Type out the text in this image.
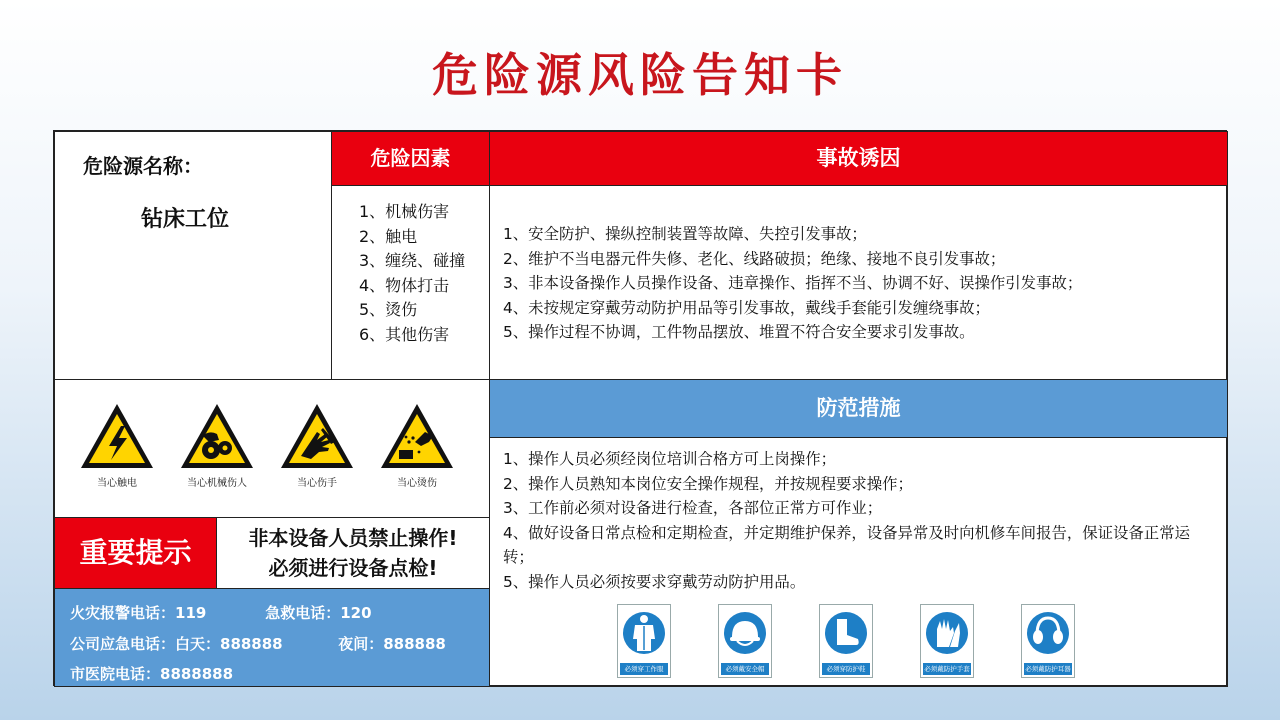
危险源风险告知卡
危险源名称：
钻床工位
危险因素
1、机械伤害
2、触电
3、缠绕、碰撞
4、物体打击
5、烫伤
6、其他伤害
事故诱因
1、安全防护、操纵控制装置等故障、失控引发事故；
2、维护不当电器元件失修、老化、线路破损；绝缘、接地不良引发事故；
3、非本设备操作人员操作设备、违章操作、指挥不当、协调不好、误操作引发事故；
4、未按规定穿戴劳动防护用品等引发事故，戴线手套能引发缠绕事故；
5、操作过程不协调，工件物品摆放、堆置不符合安全要求引发事故。
当心触电	当心机械伤人	当心伤手	当心烫伤
重要提示	非本设备人员禁止操作!
必须进行设备点检!
火灾报警电话：119	急救电话：120
公司应急电话：白天：888888	夜间：888888
市医院电话：8888888
防范措施
1、操作人员必须经岗位培训合格方可上岗操作；
2、操作人员熟知本岗位安全操作规程，并按规程要求操作；
3、工作前必须对设备进行检查，各部位正常方可作业；
4、做好设备日常点检和定期检查，并定期维护保养，设备异常及时向机修车间报告，保证设备正常运转；
5、操作人员必须按要求穿戴劳动防护用品。
必须穿工作服	必须戴安全帽	必须穿防护鞋	必须戴防护手套	必须戴防护耳器
